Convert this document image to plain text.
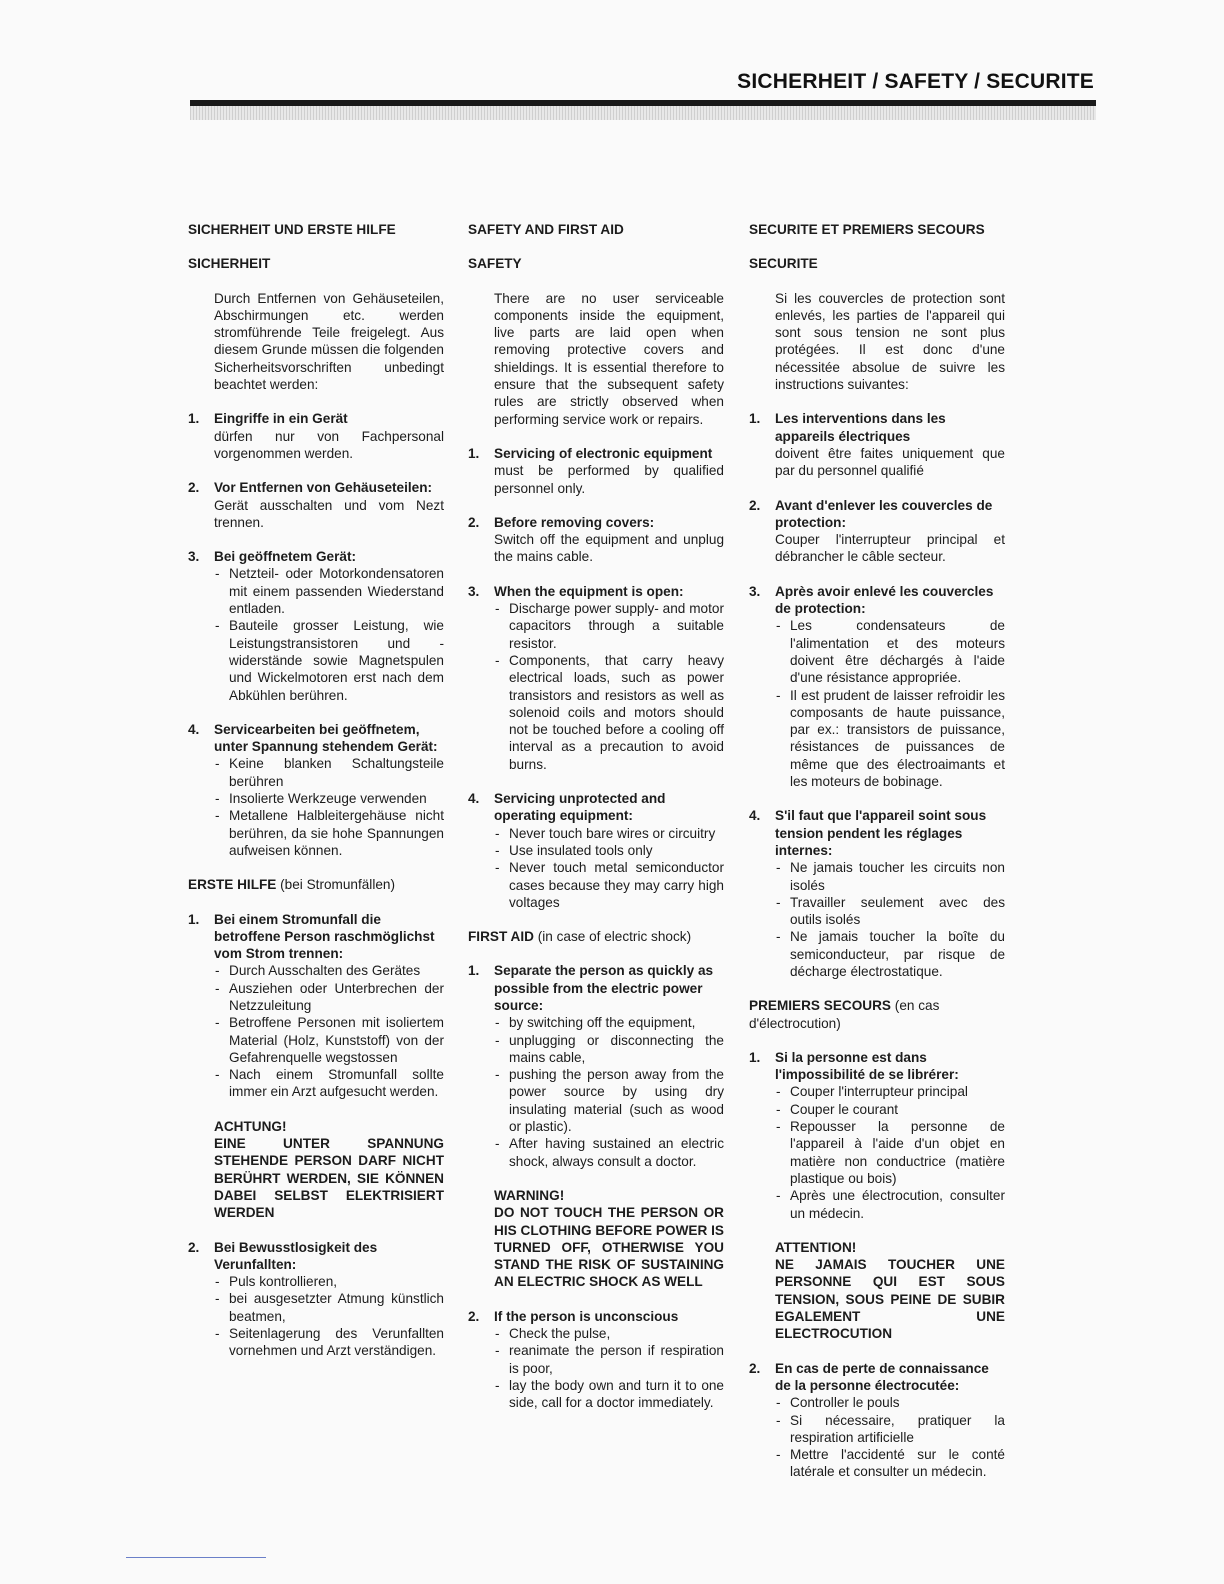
SICHERHEIT / SAFETY / SECURITE
SICHERHEIT UND ERSTE HILFE
SICHERHEIT
Durch Entfernen von Gehäuseteilen, Abschirmungen etc. werden stromführende Teile freigelegt. Aus diesem Grunde müssen die folgenden Sicherheitsvorschriften unbedingt beachtet werden:
1. Eingriffe in ein Gerät
dürfen nur von Fachpersonal vorgenommen werden.
2. Vor Entfernen von Gehäuseteilen:
Gerät ausschalten und vom Nezt trennen.
3. Bei geöffnetem Gerät:
- Netzteil- oder Motorkondensatoren mit einem passenden Wiederstand entladen.
- Bauteile grosser Leistung, wie Leistungstransistoren und -widerstände sowie Magnetspulen und Wickelmotoren erst nach dem Abkühlen berühren.
4. Servicearbeiten bei geöffnetem, unter Spannung stehendem Gerät:
- Keine blanken Schaltungsteile berühren
- Insolierte Werkzeuge verwenden
- Metallene Halbleitergehäuse nicht berühren, da sie hohe Spannungen aufweisen können.
ERSTE HILFE (bei Stromunfällen)
1. Bei einem Stromunfall die betroffene Person raschmöglichst vom Strom trennen:
- Durch Ausschalten des Gerätes
- Ausziehen oder Unterbrechen der Netzzuleitung
- Betroffene Personen mit isoliertem Material (Holz, Kunststoff) von der Gefahrenquelle wegstossen
- Nach einem Stromunfall sollte immer ein Arzt aufgesucht werden.
ACHTUNG!
EINE UNTER SPANNUNG STEHENDE PERSON DARF NICHT BERÜHRT WERDEN, SIE KÖNNEN DABEI SELBST ELEKTRISIERT WERDEN
2. Bei Bewusstlosigkeit des Verunfallten:
- Puls kontrollieren,
- bei ausgesetzter Atmung künstlich beatmen,
- Seitenlagerung des Verunfallten vornehmen und Arzt verständigen.
SAFETY AND FIRST AID
SAFETY
There are no user serviceable components inside the equipment, live parts are laid open when removing protective covers and shieldings. It is essential therefore to ensure that the subsequent safety rules are strictly observed when performing service work or repairs.
1. Servicing of electronic equipment
must be performed by qualified personnel only.
2. Before removing covers:
Switch off the equipment and unplug the mains cable.
3. When the equipment is open:
- Discharge power supply- and motor capacitors through a suitable resistor.
- Components, that carry heavy electrical loads, such as power transistors and resistors as well as solenoid coils and motors should not be touched before a cooling off interval as a precaution to avoid burns.
4. Servicing unprotected and operating equipment:
- Never touch bare wires or circuitry
- Use insulated tools only
- Never touch metal semiconductor cases because they may carry high voltages
FIRST AID (in case of electric shock)
1. Separate the person as quickly as possible from the electric power source:
- by switching off the equipment,
- unplugging or disconnecting the mains cable,
- pushing the person away from the power source by using dry insulating material (such as wood or plastic).
- After having sustained an electric shock, always consult a doctor.
WARNING!
DO NOT TOUCH THE PERSON OR HIS CLOTHING BEFORE POWER IS TURNED OFF, OTHERWISE YOU STAND THE RISK OF SUSTAINING AN ELECTRIC SHOCK AS WELL
2. If the person is unconscious
- Check the pulse,
- reanimate the person if respiration is poor,
- lay the body own and turn it to one side, call for a doctor immediately.
SECURITE ET PREMIERS SECOURS
SECURITE
Si les couvercles de protection sont enlevés, les parties de l'appareil qui sont sous tension ne sont plus protégées. Il est donc d'une nécessitée absolue de suivre les instructions suivantes:
1. Les interventions dans les appareils électriques
doivent être faites uniquement que par du personnel qualifié
2. Avant d'enlever les couvercles de protection:
Couper l'interrupteur principal et débrancher le câble secteur.
3. Après avoir enlevé les couvercles de protection:
- Les condensateurs de l'alimentation et des moteurs doivent être déchargés à l'aide d'une résistance appropriée.
- Il est prudent de laisser refroidir les composants de haute puissance, par ex.: transistors de puissance, résistances de puissances de même que des électroaimants et les moteurs de bobinage.
4. S'il faut que l'appareil soint sous tension pendent les réglages internes:
- Ne jamais toucher les circuits non isolés
- Travailler seulement avec des outils isolés
- Ne jamais toucher la boîte du semiconducteur, par risque de décharge électrostatique.
PREMIERS SECOURS (en cas d'électrocution)
1. Si la personne est dans l'impossibilité de se librérer:
- Couper l'interrupteur principal
- Couper le courant
- Repousser la personne de l'appareil à l'aide d'un objet en matière non conductrice (matière plastique ou bois)
- Après une électrocution, consulter un médecin.
ATTENTION!
NE JAMAIS TOUCHER UNE PERSONNE QUI EST SOUS TENSION, SOUS PEINE DE SUBIR EGALEMENT UNE ELECTROCUTION
2. En cas de perte de connaissance de la personne électrocutée:
- Controller le pouls
- Si nécessaire, pratiquer la respiration artificielle
- Mettre l'accidenté sur le conté latérale et consulter un médecin.
